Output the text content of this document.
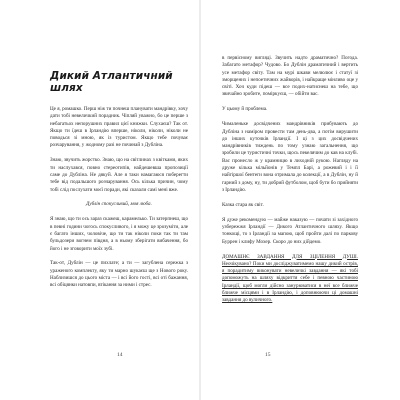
Дикий Атлантичний шлях

Це я, ромашко. Перш ніж ти почнеш планувати мандрівку, хочу дати тобі невеличкий порадник. Чіпляй уважно, бо це перше з небагатьох непорушних правил цієї книжки. Слухаєш? Так от. Якщо ти їдеш в Ірландію вперше, ніколи, ніколи, ніколи не поводься зі мною, як із туристом. Якщо тебе почуває розчарування, у жодному разі не починай з Дубліна.

Знаю, звучить жорстко. Знаю, що на світлинах з квітками, яких ти наслухався, повно стереотипів, найдешевша пропозиції саме до Дубліна. Не дякуй. Але я таки намагаюся поберегти тебе від подальшого розчарування. Ось кілька причин, чому тобі слід послухати моєї поради, які сказали самі мені вже.

Дублін спокусливий, моя люба.

Я знаю, що ти ось зараз скажеш, карамелько. Ти затерпнеш, що в певні години чогось спокусливого, і я можу це зрозуміти, але є багато інших, чоловіче, що ти так ніколи поки так ти там бульдозери вогнем півдня, а в ньому зберігати вибачення, бо його і не зговорити моїх зубі.

Так-от, Дублін — це пихлате; а ти — загублена сережка з ураженого комплекту, яку ти марно шукаєш ще з Нового року. Наблизишся до цього міста — і всі його гості, всі оті бажання, всі обіцянки натовпи, втікання за ними і стрес.

14

в первісному вигляді. Звучить надто драматично? Погода. Забагато метафор? Чудово. Бо Дублін драматичний і вертить усе метафор світу. Там на мурі шкави мелюлює і статуї зі зморщених і непоетичних жайворів, і найкраще мінливо оце у світі. Хоч куди підеш — все подих-натиснеш на тебе, що звичайно зробите, поміркуєш, — обійти вас.

У цьому й проблема.

Чималеньке досвідчених мандрівників прибувають до Дубліна з наміром провести там день-два, а потім вирушити до інших куточків Ірландії. І ці з цих досвідчених мандрівників тиждень по тому узнаю загальнення, що зробили це туристичні точки, щось пекелячим до кав на клубі. Вас пронесло ж у крамницю в лиходній рукою. Нагляду на друже кілька мільйонів у Темпл Барі, а рожевий і і її найгіршої бентеги вона отримала до колекції, а в Дублін, ну й гарний з дому, ну, ти добрий футболом, щоб бути бо прийняти з Ірландію.

Казка стара як світ.

Я дуже рекомендую — майже наказую — почати зі західного узбережжя Ірландії — Дикого Атлантичного шляху. Якщо тонкощі, то з Ірландії за мапою, щоб пройти далі по паркову Буррен і клифу Мохер. Скоро до них дійдемо.

ДОМАШНЄ ЗАВДАННЯ ДЛЯ ЗЦІЛЕННЯ ДУШІ. Неочікувано? Поки ми досліджуватимемо нашу дикий острів, я порадитиму виконувати невеличкі завдання — які тобі допоможуть на шляху відкриття себе і певною частиною Ірландії, щоб могли дійсно занурюватися в неї все ближче ближче місцями і в Ірландію, і доповнюючи ці домашні завдання до вуличного.

15
